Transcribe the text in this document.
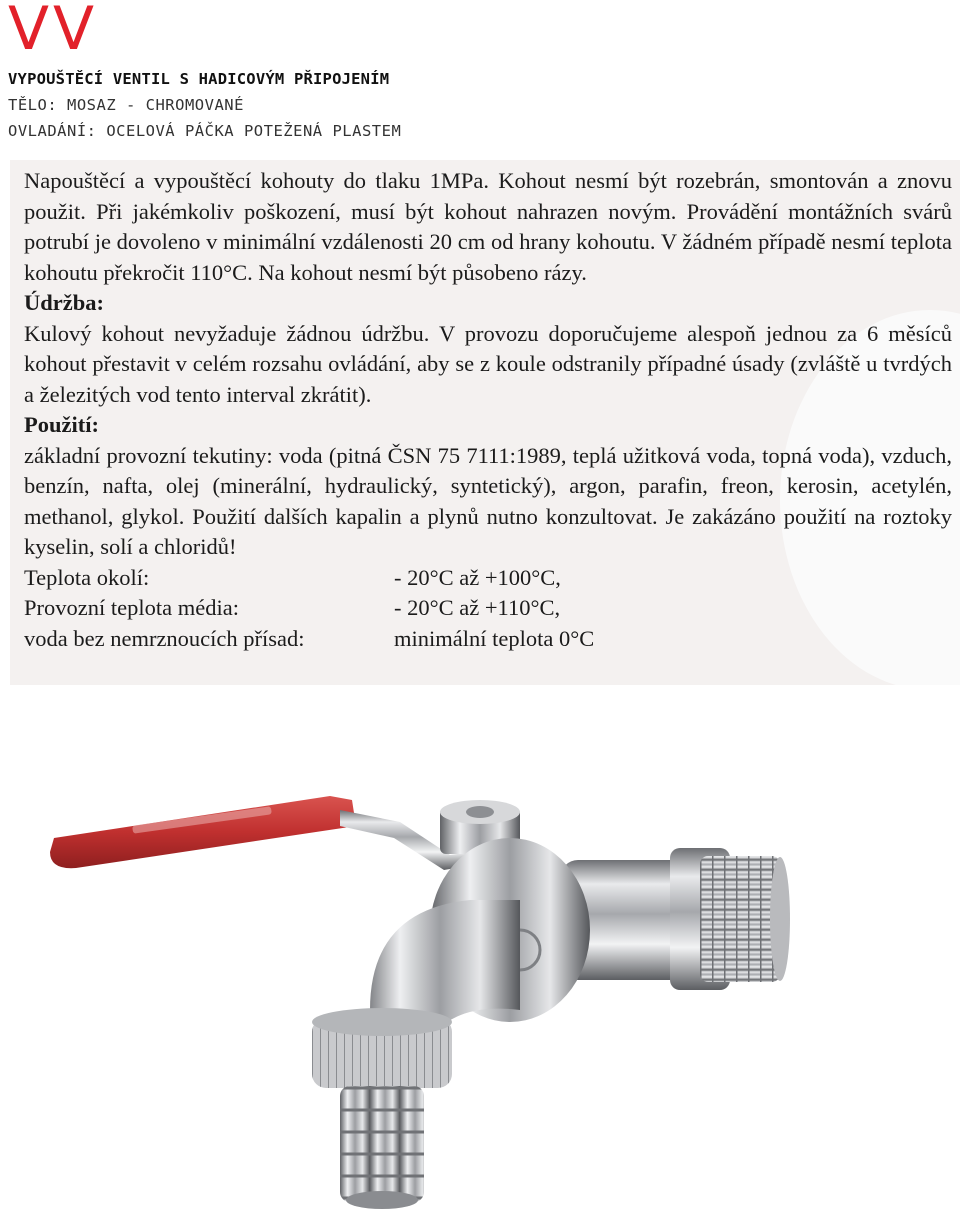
VV
VYPOUŠTĚCÍ VENTIL S HADICOVÝM PŘIPOJENÍM
TĚLO: MOSAZ - CHROMOVANÉ
OVLADÁNÍ: OCELOVÁ PÁČKA POTEŽENÁ PLASTEM

Napouštěcí a vypouštěcí kohouty do tlaku 1MPa. Kohout nesmí být rozebrán, smontován a znovu použit. Při jakémkoliv poškození, musí být kohout nahrazen novým. Provádění montážních svárů potrubí je dovoleno v minimální vzdálenosti 20 cm od hrany kohoutu. V žádném případě nesmí teplota kohoutu překročit 110°C. Na kohout nesmí být působeno rázy.

Údržba:

Kulový kohout nevyžaduje žádnou údržbu. V provozu doporučujeme alespoň jednou za 6 měsíců kohout přestavit v celém rozsahu ovládání, aby se z koule odstranily případné úsady (zvláště u tvrdých a železitých vod tento interval zkrátit).

Použití:

základní provozní tekutiny: voda (pitná ČSN 75 7111:1989, teplá užitková voda, topná voda), vzduch, benzín, nafta, olej (minerální, hydraulický, syntetický), argon, parafin, freon, kerosin, acetylén, methanol, glykol. Použití dalších kapalin a plynů nutno konzultovat. Je zakázáno použití na roztoky kyselin, solí a chloridů!

Teplota okolí:	- 20°C až +100°C,
Provozní teplota média:	- 20°C až +110°C,
voda bez nemrznoucích přísad:	minimální teplota 0°C
